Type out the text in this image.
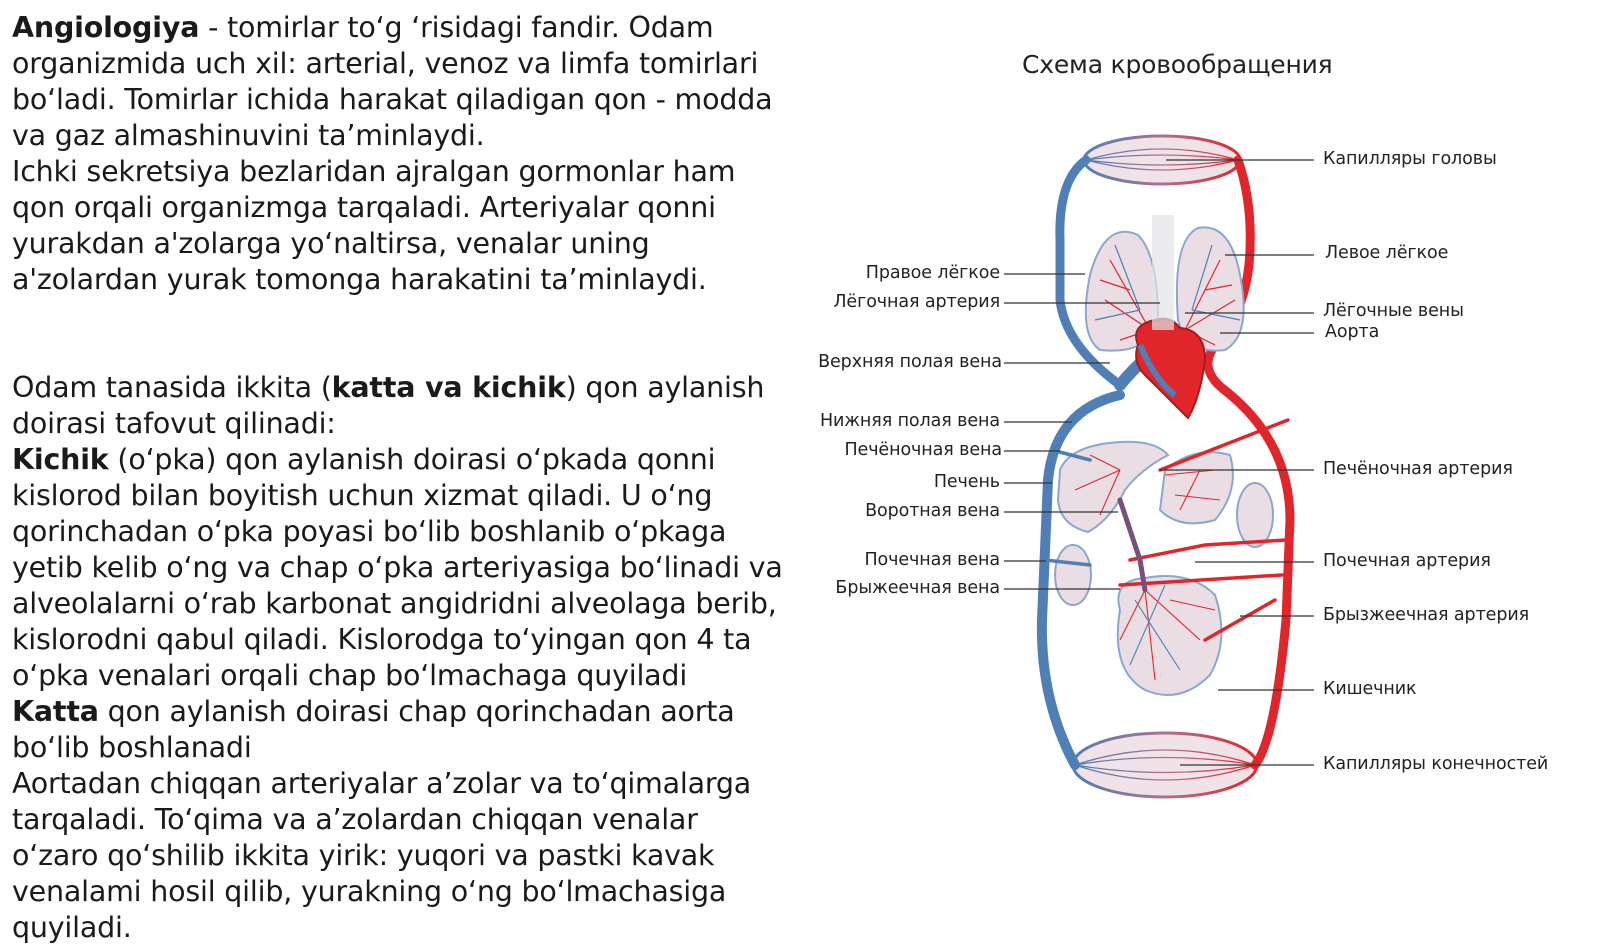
Angiologiya - tomirlar to‘g ‘risidagi fandir. Odam organizmida uch xil: arterial, venoz va limfa tomirlari bo‘ladi. Tomirlar ichida harakat qiladigan qon - modda va gaz almashinuvini ta’minlaydi.

Ichki sekretsiya bezlaridan ajralgan gormonlar ham qon orqali organizmga tarqaladi. Arteriyalar qonni yurakdan a'zolarga yo‘naltirsa, venalar uning a'zolardan yurak tomonga harakatini ta’minlaydi.

Odam tanasida ikkita (katta va kichik) qon aylanish doirasi tafovut qilinadi:

Kichik (o‘pka) qon aylanish doirasi o‘pkada qonni kislorod bilan boyitish uchun xizmat qiladi. U o‘ng qorinchadan o‘pka poyasi bo‘lib boshlanib o‘pkaga yetib kelib o‘ng va chap o‘pka arteriyasiga bo‘linadi va alveolalarni o‘rab karbonat angidridni alveolaga berib, kislorodni qabul qiladi. Kislorodga to‘yingan qon 4 ta o‘pka venalari orqali chap bo‘lmachaga quyiladi

Katta qon aylanish doirasi chap qorinchadan aorta bo‘lib boshlanadi

Aortadan chiqqan arteriyalar a’zolar va to‘qimalarga tarqaladi. To‘qima va a’zolardan chiqqan venalar o‘zaro qo‘shilib ikkita yirik: yuqori va pastki kavak venalami hosil qilib, yurakning o‘ng bo‘lmachasiga quyiladi.

Схема кровообращения
Капилляры головы
Левое лёгкое
Лёгочные вены
Аорта
Печёночная артерия
Почечная артерия
Брызжеечная артерия
Кишечник
Капилляры конечностей
Правое лёгкое
Лёгочная артерия
Верхняя полая вена
Нижняя полая вена
Печёночная вена
Печень
Воротная вена
Почечная вена
Брыжеечная вена
